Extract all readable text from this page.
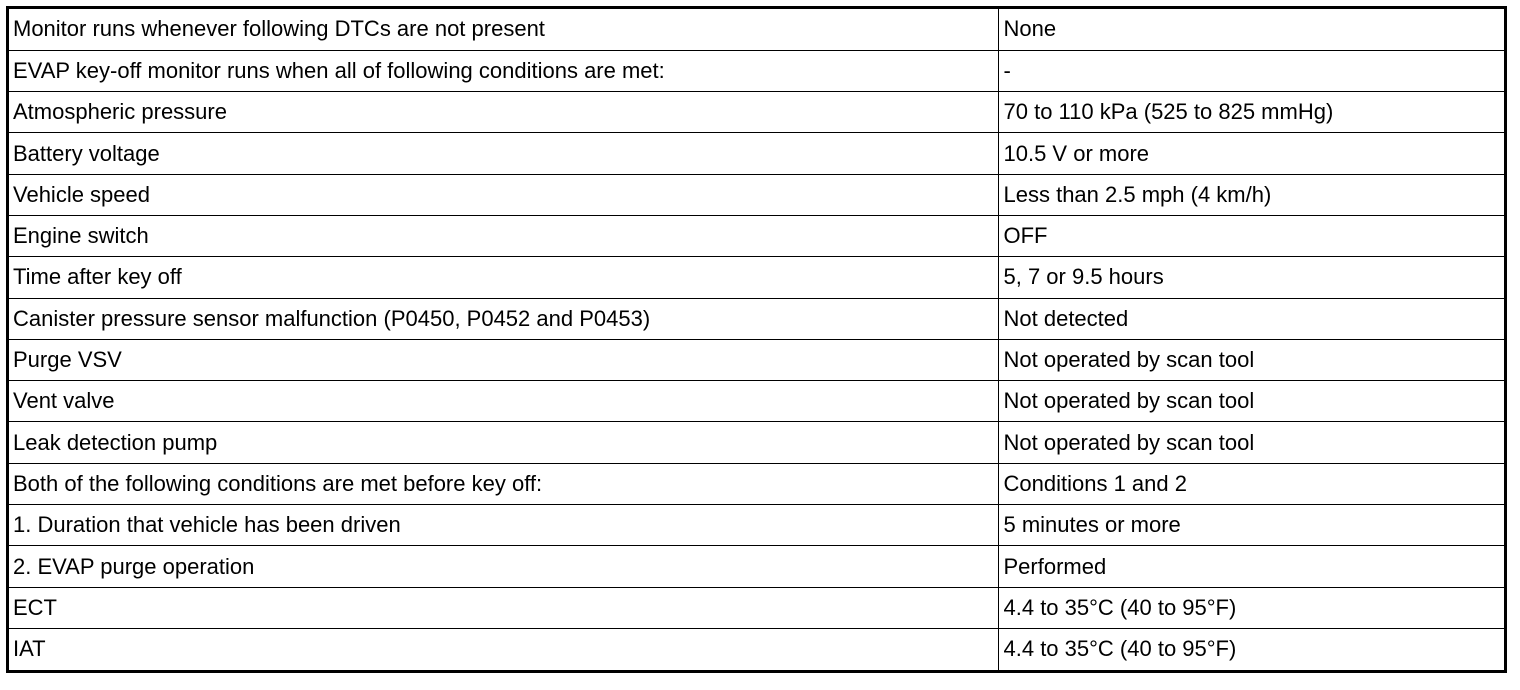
Monitor runs whenever following DTCs are not present	None
EVAP key-off monitor runs when all of following conditions are met:	-
Atmospheric pressure	70 to 110 kPa (525 to 825 mmHg)
Battery voltage	10.5 V or more
Vehicle speed	Less than 2.5 mph (4 km/h)
Engine switch	OFF
Time after key off	5, 7 or 9.5 hours
Canister pressure sensor malfunction (P0450, P0452 and P0453)	Not detected
Purge VSV	Not operated by scan tool
Vent valve	Not operated by scan tool
Leak detection pump	Not operated by scan tool
Both of the following conditions are met before key off:	Conditions 1 and 2
1. Duration that vehicle has been driven	5 minutes or more
2. EVAP purge operation	Performed
ECT	4.4 to 35°C (40 to 95°F)
IAT	4.4 to 35°C (40 to 95°F)
